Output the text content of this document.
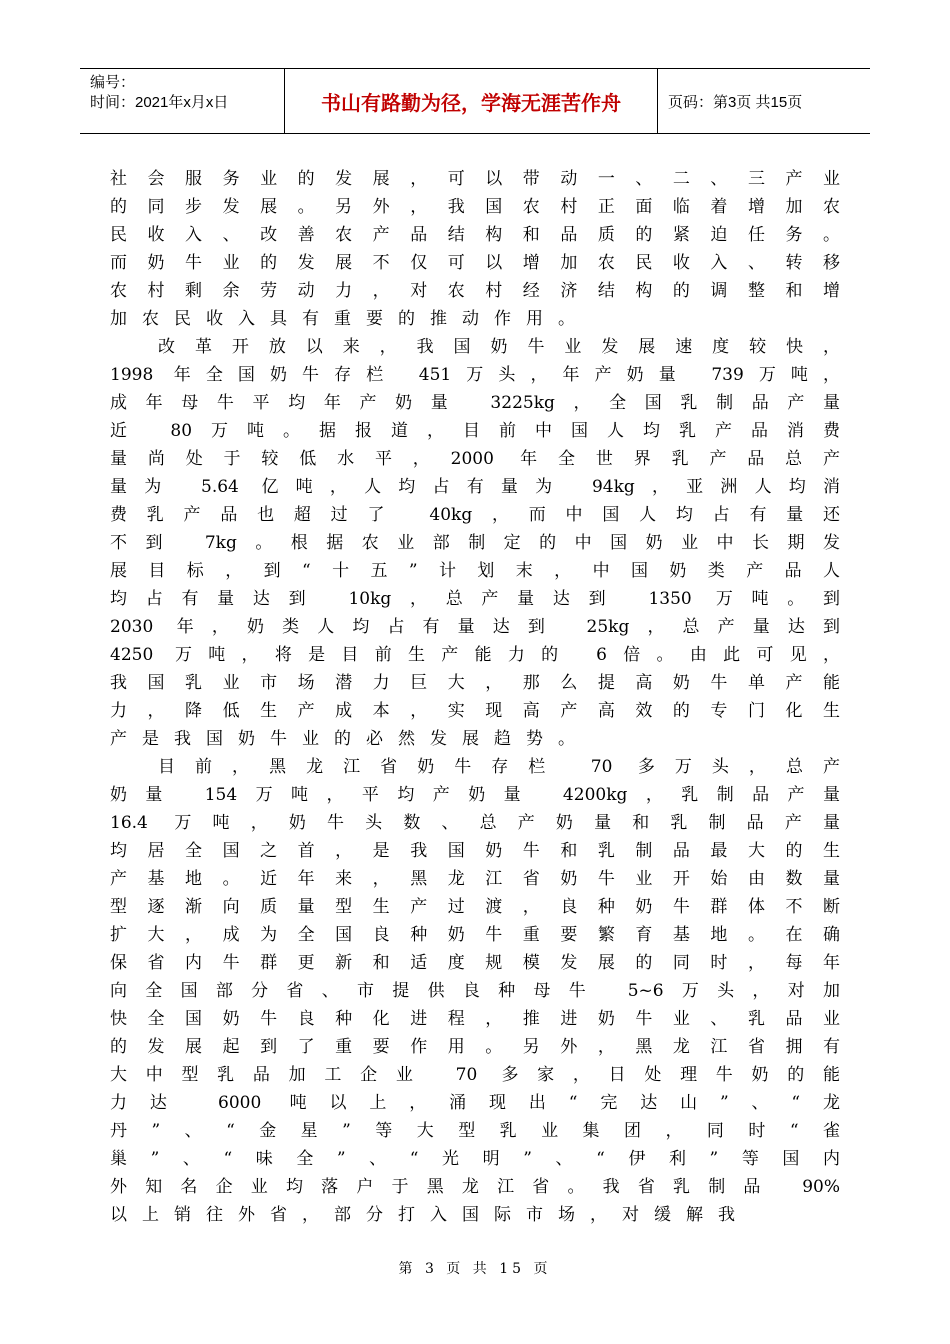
编号：
时间：2021年x月x日	书山有路勤为径，学海无涯苦作舟	页码：第3页 共15页
社会服务业的发展，可以带动一、二、三产业
的同步发展。另外，我国农村正面临着增加农
民收入、改善农产品结构和品质的紧迫任务。
而奶牛业的发展不仅可以增加农民收入、转移
农村剩余劳动力，对农村经济结构的调整和增
加农民收入具有重要的推动作用。
改革开放以来，我国奶牛业发展速度较快，
1998 年全国奶牛存栏 451万头，年产奶量 739万吨，
成年母牛平均年产奶量 3225kg，全国乳制品产量
近 80万吨。据报道，目前中国人均乳产品消费
量尚处于较低水平，2000 年全世界乳产品总产
量为 5.64 亿吨，人均占有量为 94kg，亚洲人均消
费乳产品也超过了 40kg，而中国人均占有量还
不到 7kg。根据农业部制定的中国奶业中长期发
展目标，到“十五”计划末，中国奶类产品人
均占有量达到 10kg，总产量达到 1350 万吨。到
2030 年，奶类人均占有量达到 25kg，总产量达到
4250 万吨，将是目前生产能力的 6倍。由此可见，
我国乳业市场潜力巨大，那么提高奶牛单产能
力，降低生产成本，实现高产高效的专门化生
产是我国奶牛业的必然发展趋势。
目前，黑龙江省奶牛存栏 70 多万头，总产
奶量 154万吨，平均产奶量 4200kg，乳制品产量
16.4 万吨，奶牛头数、总产奶量和乳制品产量
均居全国之首，是我国奶牛和乳制品最大的生
产基地。近年来，黑龙江省奶牛业开始由数量
型逐渐向质量型生产过渡，良种奶牛群体不断
扩大，成为全国良种奶牛重要繁育基地。在确
保省内牛群更新和适度规模发展的同时，每年
向全国部分省、市提供良种母牛 5~6万头，对加
快全国奶牛良种化进程，推进奶牛业、乳品业
的发展起到了重要作用。另外，黑龙江省拥有
大中型乳品加工企业 70 多家，日处理牛奶的能
力达 6000 吨以上，涌现出“完达山”、“龙
丹”、“金星”等大型乳业集团，同时“雀
巢”、“味全”、“光明”、“伊利”等国内
外知名企业均落户于黑龙江省。我省乳制品 90%
以上销往外省，部分打入国际市场，对缓解我
第 3 页 共 15 页
